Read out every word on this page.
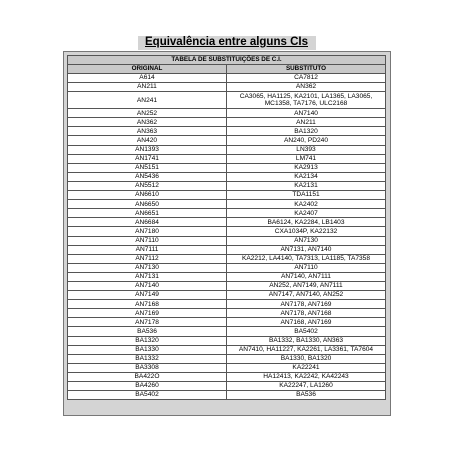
Equivalência entre alguns CIs
TABELA DE SUBSTITUIÇÕES DE C.I.	
ORIGINAL	SUBSTITUTO
A614	CA7812
AN211	AN362
AN241	CA3065, HA1125, KA2101, LA1365, LA3065, MC1358, TA7176, ULC2168
AN252	AN7140
AN362	AN211
AN363	BA1320
AN420	AN240, PD240
AN1393	LN393
AN1741	LM741
AN5151	KA2913
AN5436	KA2134
AN5512	KA2131
AN6610	TDA1151
AN6650	KA2402
AN6651	KA2407
AN6684	BA6124, KA2284, LB1403
AN7180	CXA1034P, KA22132
AN7110	AN7130
AN7111	AN7131, AN7140
AN7112	KA2212, LA4140, TA7313, LA1185, TA7358
AN7130	AN7110
AN7131	AN7140, AN7111
AN7140	AN252, AN7149, AN7111
AN7149	AN7147, AN7140, AN252
AN7168	AN7178, AN7169
AN7169	AN7178, AN7168
AN7178	AN7168, AN7169
BA536	BA5402
BA1320	BA1332, BA1330, AN363
BA1330	AN7410, HA11227, KA2261, LA3361, TA7604
BA1332	BA1330, BA1320
BA3308	KA22241
BA422O	HA12413, KA2242, KA42243
BA4260	KA22247, LA1260
BA5402	BA536
